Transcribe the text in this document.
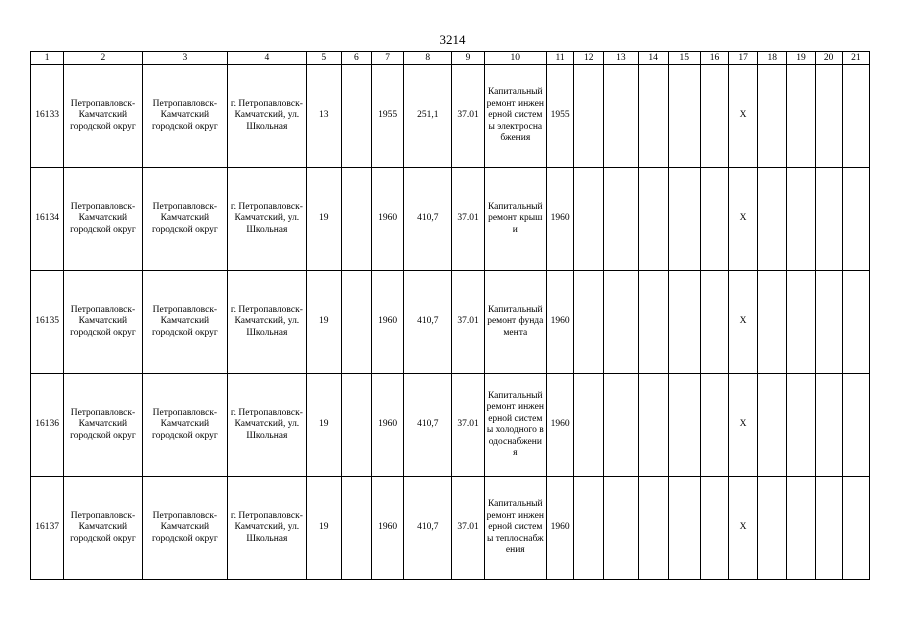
3214
1	2	3	4	5	6	7	8	9	10	11	12	13	14	15	16	17	18	19	20	21
16133	Петропавловск-Камчатский городской округ	Петропавловск-Камчатский городской округ	г. Петропавловск-Камчатский, ул. Школьная	13		1955	251,1	37.01	Капитальный ремонт инженерной системы электроснабжения	1955						X				
16134	Петропавловск-Камчатский городской округ	Петропавловск-Камчатский городской округ	г. Петропавловск-Камчатский, ул. Школьная	19		1960	410,7	37.01	Капитальный ремонт крыши	1960						X				
16135	Петропавловск-Камчатский городской округ	Петропавловск-Камчатский городской округ	г. Петропавловск-Камчатский, ул. Школьная	19		1960	410,7	37.01	Капитальный ремонт фундамента	1960						X				
16136	Петропавловск-Камчатский городской округ	Петропавловск-Камчатский городской округ	г. Петропавловск-Камчатский, ул. Школьная	19		1960	410,7	37.01	Капитальный ремонт инженерной системы холодного водоснабжения	1960						X				
16137	Петропавловск-Камчатский городской округ	Петропавловск-Камчатский городской округ	г. Петропавловск-Камчатский, ул. Школьная	19		1960	410,7	37.01	Капитальный ремонт инженерной системы теплоснабжения	1960						X				
